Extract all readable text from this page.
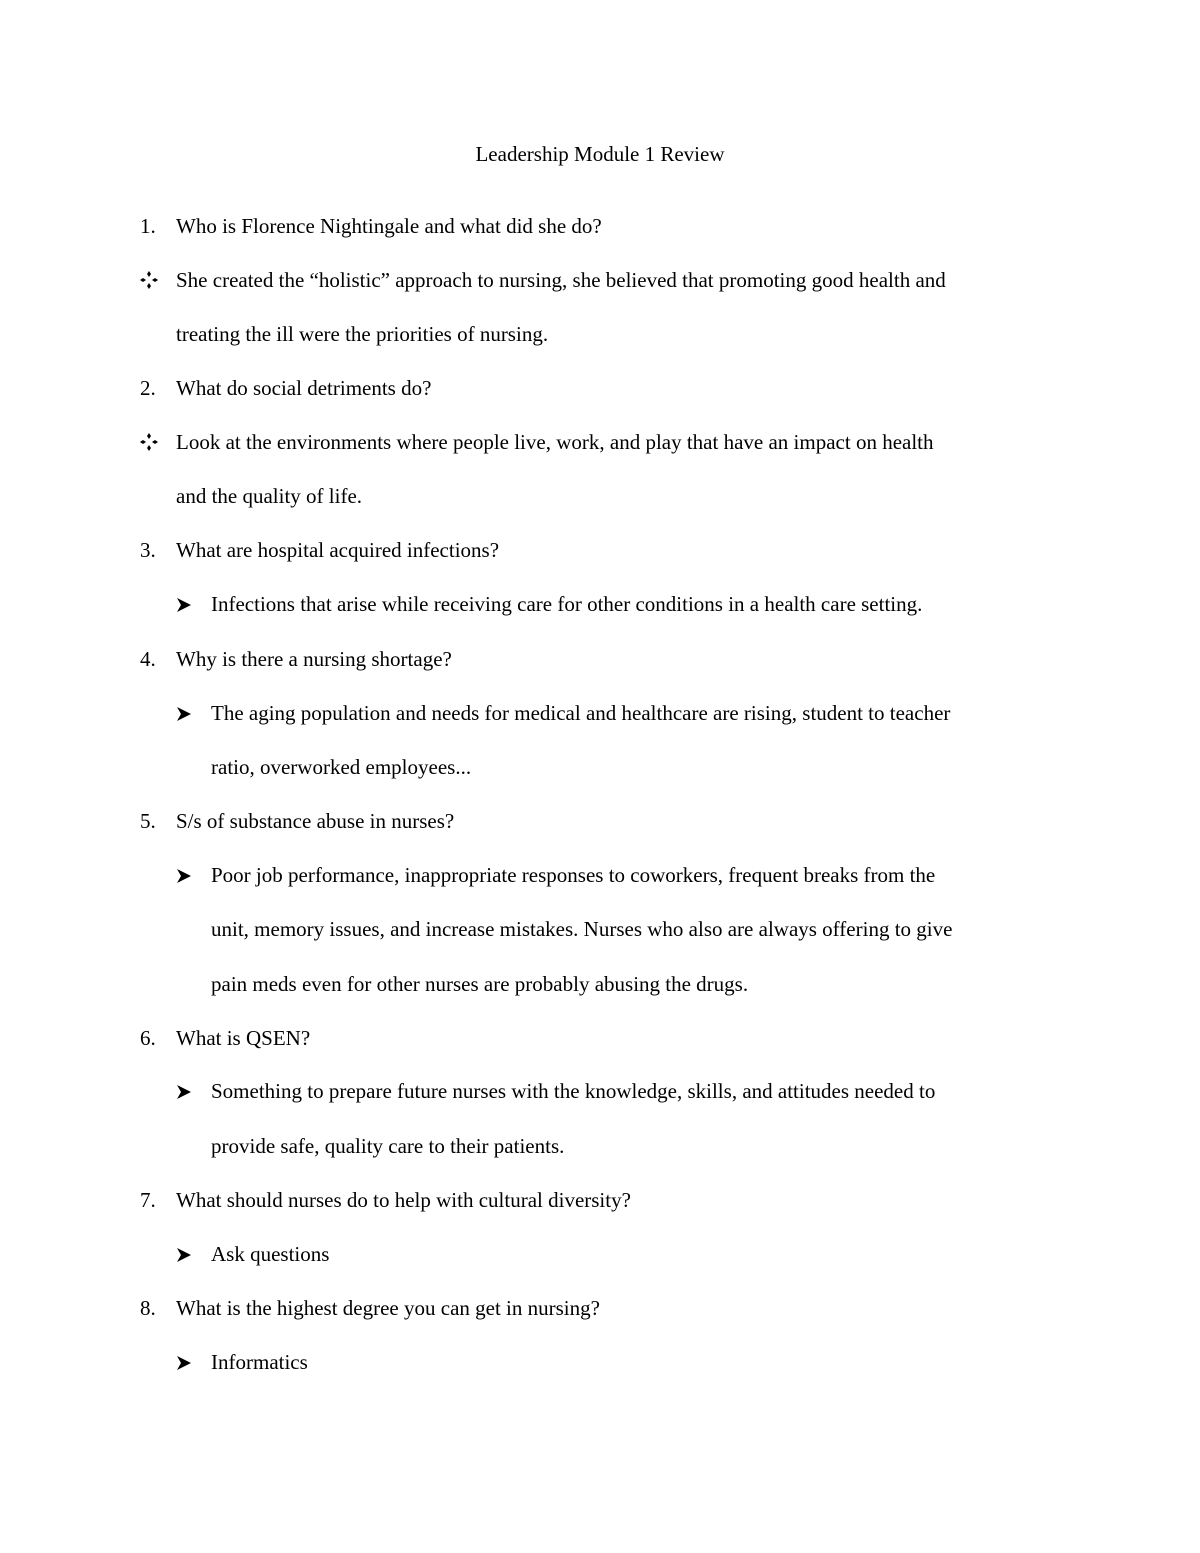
Leadership Module 1 Review
1. Who is Florence Nightingale and what did she do?
She created the “holistic” approach to nursing, she believed that promoting good health and
treating the ill were the priorities of nursing.
2. What do social detriments do?
Look at the environments where people live, work, and play that have an impact on health
and the quality of life.
3. What are hospital acquired infections?
Infections that arise while receiving care for other conditions in a health care setting.
4. Why is there a nursing shortage?
The aging population and needs for medical and healthcare are rising, student to teacher
ratio, overworked employees...
5. S/s of substance abuse in nurses?
Poor job performance, inappropriate responses to coworkers, frequent breaks from the
unit, memory issues, and increase mistakes. Nurses who also are always offering to give
pain meds even for other nurses are probably abusing the drugs.
6. What is QSEN?
Something to prepare future nurses with the knowledge, skills, and attitudes needed to
provide safe, quality care to their patients.
7. What should nurses do to help with cultural diversity?
Ask questions
8. What is the highest degree you can get in nursing?
Informatics
